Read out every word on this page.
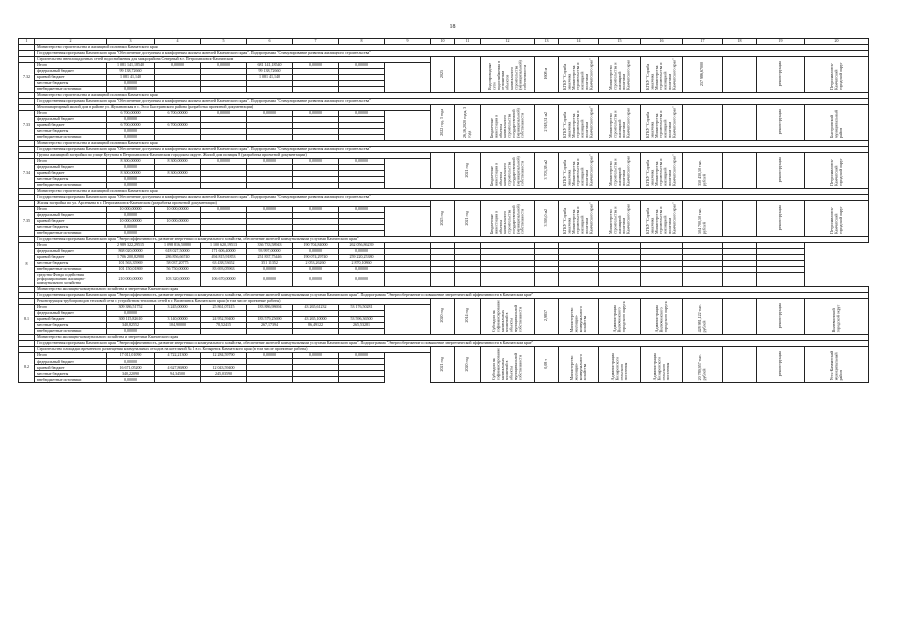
18
1	2	3	4	5	6	7	8	9	10	11	12	13	14	15	16	17	18	19	20	
	Министерство строительства и жилищной политики Камчатского края																			
	Государственная программа Камчатского края "Обеспечение доступным и комфортным жильем жителей Камчатского края". Подпрограмма "Стимулирование развития жилищного строительства"																			
	Строительство внеплощадочных сетей водоснабжения для микрорайона Северный в г. Петропавловск-Камчатском								2025		Водопроводные сети водоснабжения в отношении объектов капитального строительства (муниципальной) собственности	1608 м	КГКУ "Служба заказчика Министерства строительства и жилищной политики Камчатского края"	Министерство строительства и жилищной политики Камчатского края	КГКУ "Служба заказчика Министерства строительства и жилищной политики Камчатского края"	257 986,67000		реконструкция	Петропавловск-Камчатский городской округ		
7.32	Итого	1 081 141,18540	0,00000	0,00000	681 141,18540	0,00000	0,00000													
	федеральный бюджет	99 138,72660			99 138,72660															
	краевой бюджет	1 081 41,140			1 081 41,140															
	местные бюджеты	0,00000																		
	внебюджетные источники	0,00000																		
	Министерство строительства и жилищной политики Камчатского края																			
	Государственная программа Камчатского края "Обеспечение доступным и комфортным жильем жителей Камчатского края". Подпрограмма "Стимулирование развития жилищного строительства"																			
	Многоквартирный жилой дом в районе ул. Жупановская в с. Эссо Быстринского района (разработка проектной документации)								2022 год, 3 года	26,16,2020 годы, 3 года	Бюджетные инвестиции в объекты капитального строительства государственной (муниципальной) собственности	2 918,31 м2	КГКУ "Служба заказчика Министерства строительства и жилищной политики Камчатского края"	Министерство строительства и жилищной политики Камчатского края	КГКУ "Служба заказчика Министерства строительства и жилищной политики Камчатского края"			реконструкция	Быстринский муниципальный район		
7.33	Итого	6 700,00000	6 700,00000	0,00000	0,00000	0,00000	0,00000													
	федеральный бюджет	0,00000																		
	краевой бюджет	6 700,00000	6 700,00000																	
	местные бюджеты	0,00000																		
	внебюджетные источники	0,00000																		
	Министерство строительства и жилищной политики Камчатского края																			
	Государственная программа Камчатского края "Обеспечение доступным и комфортным жильем жителей Камчатского края". Подпрограмма "Стимулирование развития жилищного строительства"																			
	Группа жилищной застройки по улице Кутузова в Петропавловск-Камчатском городском округе. Жилой дом позиция 8 (разработка проектной документации)									2021 год	Бюджетные инвестиции в объекты капитального строительства государственной (муниципальной) собственности	3 703,38 м2	КГКУ "Служба заказчика Министерства строительства и жилищной политики Камчатского края"	Министерство строительства и жилищной политики Камчатского края	КГКУ "Служба заказчика Министерства строительства и жилищной политики Камчатского края"	350 430,50 тыс. рублей		реконструкция	Петропавловск-Камчатский городской округ		
7.34	Итого	8 300,00000	8 300,00000	0,00000	0,00000	0,00000	0,00000													
	федеральный бюджет	0,00000																		
	краевой бюджет	8 300,00000	8 300,00000																	
	местные бюджеты	0,00000																		
	внебюджетные источники	0,00000																		
	Министерство строительства и жилищной политики Камчатского края																			
	Государственная программа Камчатского края "Обеспечение доступным и комфортным жильем жителей Камчатского края". Подпрограмма "Стимулирование развития жилищного строительства"																			
	Жилая застройка по ул. Арсеньева в г. Петропавловск-Камчатском (разработка проектной документации)								2025 год	2021 год	Бюджетные инвестиции в объекты капитального строительства государственной (муниципальной) собственности	3 595,0 м2	КГКУ "Служба заказчика Министерства строительства и жилищной политики Камчатского края"	Министерство строительства и жилищной политики Камчатского края	КГКУ "Служба заказчика Министерства строительства и жилищной политики Камчатского края"	504 700,50 тыс. рублей		реконструкция	Петропавловск-Камчатский городской округ		
7.35	Итого	10 000,00000	10 000,00000	0,00000	0,00000	0,00000	0,00000													
	федеральный бюджет	0,00000																		
	краевой бюджет	10 000,00000	10 000,00000																	
	местные бюджеты	0,00000																		
	внебюджетные источники	0,00000																		
	Государственная программа Камчатского края "Энергоэффективность, развитие энергетики и коммунального хозяйства, обеспечение жителей коммунальными услугами Камчатского края"																			
8	Итого	2 989 322,29515	1 098 816,50880	1 100 620,19513	336 733,58943	190 704,84000	262 056,86239													
	федеральный бюджет	868 020,00000	618 027,50000	171 606,40000	93 997,00000	0,00000	0,00000													
	краевой бюджет	1 706 200,82980	286 856,66740	494 815,91853	251 837,75446	190 074,29740	259 220,25380													
	местные бюджеты	101 563,35969	58 037,20775	63 438,53652	351 11352	2 053,26260	2 870,10860													
	внебюджетные источники	101 150,01869	56 750,00000	83 693,05963	0,00000	0,00000	0,00000													
	средства Фонда содействия реформированию жилищно-коммунального хозяйства	210 000,00000	103 320,00000	106 670,00000	0,00000	0,00000	0,00000													
	Министерство жилищно-коммунального хозяйства и энергетики Камчатского края																			
	Государственная программа Камчатского края "Энергоэффективность, развитие энергетики и коммунального хозяйства, обеспечение жителей коммунальными услугами Камчатского края". Подпрограмма "Энергосбережение и повышение энергетической эффективности в Камчатском крае"																			
	Реконструкция трубопроводов тепловой сети с устройством тепловых сетей в г. Вилючинск Камчатского края (в том числе проектные работы)								2020 год	2014 год	Субсидии на софинансирование капитальных вложений в объекты муниципальной собственности	2,9857	Министерство жилищно-коммунального хозяйства	Администрация Вилючинского городского округа	Администрация Вилючинского городского округа	428 981,122 тыс. рублей		реконструкция	Вилючинский городской округ			
8.1	Итого	309 386,51752	3 245,00000	25 861,07415	183 886,98694	43 265,61232	53 176,50281													
	федеральный бюджет	0,00000																		
	краевой бюджет	300 115,82610	3 140,00000	24 952,59400	183 579,25690	43 265,10000	53 596,36500													
	местные бюджеты	340,82552	104,90000	78,52415	267,17394	86,49122	265,53281													
	внебюджетные источники	0,00000																		
	Министерство жилищно-коммунального хозяйства и энергетики Камчатского края																			
	Государственная программа Камчатского края "Энергоэффективность, развитие энергетики и коммунального хозяйства, обеспечение жителей коммунальными услугами Камчатского края". Подпрограмма "Энергосбережение и повышение энергетической эффективности в Камчатском крае"																			
	Строительство площадки временного размещения коммунальных отходов на котельной № 1 в п. Козыревск Камчатского края (в том числе проектные работы)								2021 год	2020 год	Субсидии на софинансирование капитальных вложений в объекты муниципальной собственности	0,08 т	Министерство жилищно-коммунального хозяйства	Администрация Козыревского сельского поселения	Администрация Козыревского сельского поселения	20 789,957 тыс. рублей		реконструкция	Усть-Камчатский муниципальный район		
8.2	Итого	17 011,01090	4 722,21300	12 284,59790	0,00000	0,00000	0,00000													
	федеральный бюджет	0,00000																		
	краевой бюджет	16 671,05200	4 627,86800	12 043,59400																
	местные бюджеты	340,22090	94,34500	245,03590																
	внебюджетные источники	0,00000																		
